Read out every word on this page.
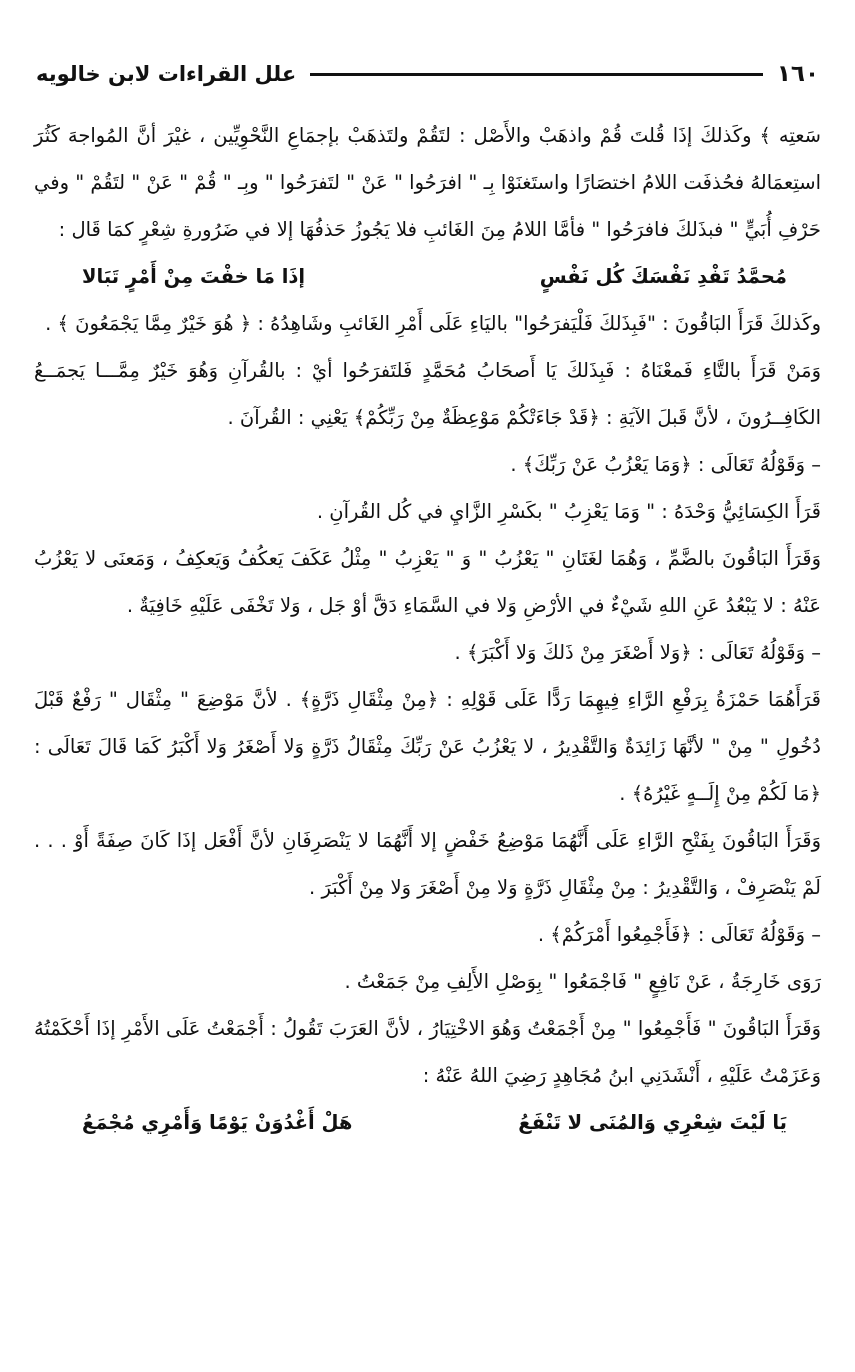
١٦٠
علل القراءات لابن خالويه

سَعتِه ﴾ وكَذلكَ إذَا قُلتَ قُمْ واذهَبْ والأَصْل : لتَقُمْ ولتَذهَبْ بإجمَاعِ النَّحْوِيِّين ، غيْرَ أنَّ المُواجهَ كَثُرَ استِعمَالهُ فحُذفَت اللامُ اختصَارًا واستَغنَوْا بِـ " افرَحُوا " عَنْ " لتَفرَحُوا " وبِـ " قُمْ " عَنْ " لتَقُمْ " وفي حَرْفِ أُبَيٍّ " فبذَلكَ فافرَحُوا " فأمَّا اللامُ مِنَ الغَائبِ فلا يَجُوزُ حَذفُهَا إلا في ضَرُورةِ شِعْرٍ كمَا قَال :

مُحمَّدُ تَفْدِ نَفْسَكَ كُل نَفْسٍ
إذَا مَا خفْتَ مِنْ أَمْرٍ تَبَالا

وكَذلكَ قَرَأَ البَاقُونَ : "فَبِذَلكَ فَلْيَفرَحُوا" باليَاءِ عَلَى أَمْرِ الغَائبِ وشَاهِدُهُ : ﴿ هُوَ خَيْرٌ مِمَّا يَجْمَعُونَ ﴾ .

وَمَنْ قَرَأَ بالتَّاءِ فَمعْنَاهُ : فَبِذَلكَ يَا أَصحَابُ مُحَمَّدٍ فَلتَفرَحُوا أيْ : بالقُرآنِ وَهُوَ خَيْرٌ مِمَّـــا يَجمَــعُ الكَافِــرُونَ ، لأنَّ قَبلَ الآيَةِ : ﴿قَدْ جَاءَتْكُمْ مَوْعِظَةٌ مِنْ رَبِّكُمْ﴾ يَعْنِي : القُرآنَ .

– وَقَوْلُهُ تَعَالَى : ﴿وَمَا يَعْزُبُ عَنْ رَبِّكَ﴾ .

قَرَأَ الكِسَائِيُّ وَحْدَهُ : " وَمَا يَعْزِبُ " بكَسْرِ الزَّايِ في كُل القُرآنِ .

وَقَرَأَ البَاقُونَ بالضَّمِّ ، وَهُمَا لغَتَانِ " يَعْزُبُ " وَ " يَعْزِبُ " مِثْلُ عَكَفَ يَعكُفُ وَيَعكِفُ ، وَمَعنَى لا يَعْزُبُ عَنْهُ : لا يَبْعُدُ عَنِ اللهِ شَيْءٌ في الأرْضِ وَلا في السَّمَاءِ دَقَّ أوْ جَل ، وَلا تَخْفَى عَلَيْهِ خَافِيَةٌ .

– وَقَوْلُهُ تَعَالَى : ﴿وَلا أَصْغَرَ مِنْ ذَلكَ وَلا أَكْبَرَ﴾ .

قَرَأَهُمَا حَمْزَةُ بِرَفْعِ الرَّاءِ فِيهِمَا رَدًّا عَلَى قَوْلِهِ : ﴿مِنْ مِثْقَالِ ذَرَّةٍ﴾ . لأنَّ مَوْضِعَ " مِثْقَال " رَفْعٌ قَبْلَ دُخُولِ " مِنْ " لأنَّهَا زَائِدَةٌ وَالتَّقْدِيرُ ، لا يَعْزُبُ عَنْ رَبِّكَ مِثْقَالُ ذَرَّةٍ وَلا أَصْغَرُ وَلا أَكْبَرُ كَمَا قَالَ تَعَالَى : ﴿مَا لَكُمْ مِنْ إِلَــهٍ غَيْرُهُ﴾ .

وَقَرَأَ البَاقُونَ بِفَتْحِ الرَّاءِ عَلَى أَنَّهُمَا مَوْضِعُ خَفْضٍ إلا أَنَّهُمَا لا يَنْصَرِفَانِ لأنَّ أَفْعَل إذَا كَانَ صِفَةً أَوْ . . . لَمْ يَنْصَرِفْ ، وَالتَّقْدِيرُ : مِنْ مِثْقَالِ ذَرَّةٍ وَلا مِنْ أَصْغَرَ وَلا مِنْ أَكْبَرَ .

– وَقَوْلُهُ تَعَالَى : ﴿فَأَجْمِعُوا أَمْرَكُمْ﴾ .

رَوَى خَارِجَةُ ، عَنْ نَافِعٍ " فَاجْمَعُوا " بِوَصْلِ الأَلِفِ مِنْ جَمَعْتُ .

وَقَرَأَ البَاقُونَ " فَأَجْمِعُوا " مِنْ أَجْمَعْتُ وَهُوَ الاخْتِيَارُ ، لأنَّ العَرَبَ تَقُولُ : أَجْمَعْتُ عَلَى الأَمْرِ إذَا أَحْكَمْتُهُ وَعَزَمْتُ عَلَيْهِ ، أَنْشَدَنِي ابنُ مُجَاهِدٍ رَضِيَ اللهُ عَنْهُ :

يَا لَيْتَ شِعْرِي وَالمُنَى لا تَنْفَعُ
هَلْ أَغْدُوَنْ يَوْمًا وَأَمْرِي مُجْمَعُ
